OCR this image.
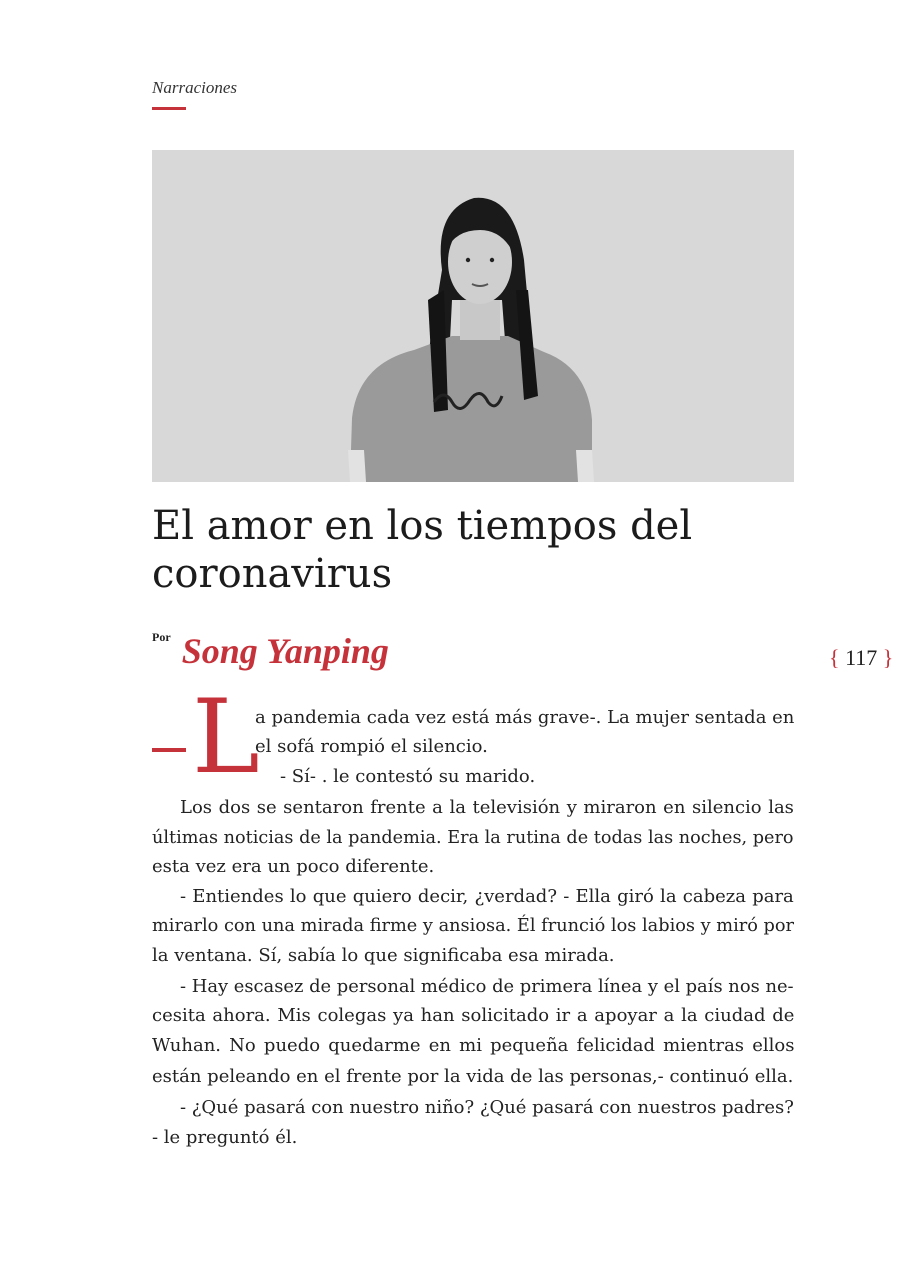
Narraciones
El amor en los tiempos del
coronavirus
$^{Por}$ Song Yanping	{ 117 }
L
a pandemia cada vez está más grave-. La mujer sentada en
el sofá rompió el silencio.
- Sí- . le contestó su marido.
Los dos se sentaron frente a la televisión y miraron en silencio las
últimas noticias de la pandemia. Era la rutina de todas las noches, pero
esta vez era un poco diferente.
- Entiendes lo que quiero decir, ¿verdad? - Ella giró la cabeza para
mirarlo con una mirada firme y ansiosa. Él frunció los labios y miró por
la ventana. Sí, sabía lo que significaba esa mirada.
- Hay escasez de personal médico de primera línea y el país nos ne-
cesita ahora. Mis colegas ya han solicitado ir a apoyar a la ciudad de
Wuhan. No puedo quedarme en mi pequeña felicidad mientras ellos
están peleando en el frente por la vida de las personas,- continuó ella.
- ¿Qué pasará con nuestro niño? ¿Qué pasará con nuestros padres?
- le preguntó él.
